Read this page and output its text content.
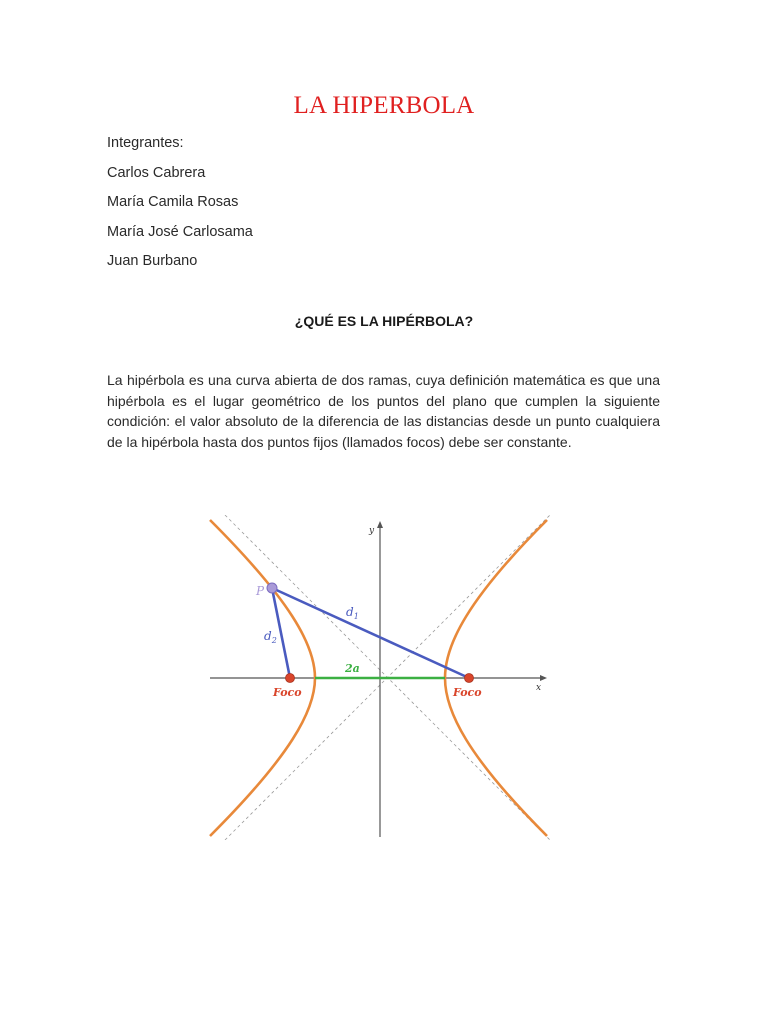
LA HIPERBOLA
Integrantes:
Carlos Cabrera
María Camila Rosas
María José Carlosama
Juan Burbano
¿QUÉ ES LA HIPÉRBOLA?
La hipérbola es una curva abierta de dos ramas, cuya definición matemática es que una hipérbola es el lugar geométrico de los puntos del plano que cumplen la siguiente condición: el valor absoluto de la diferencia de las distancias desde un punto cualquiera de la hipérbola hasta dos puntos fijos (llamados focos) debe ser constante.
x
y
2a
$d_1$
$d_2$
P
Foco	Foco
